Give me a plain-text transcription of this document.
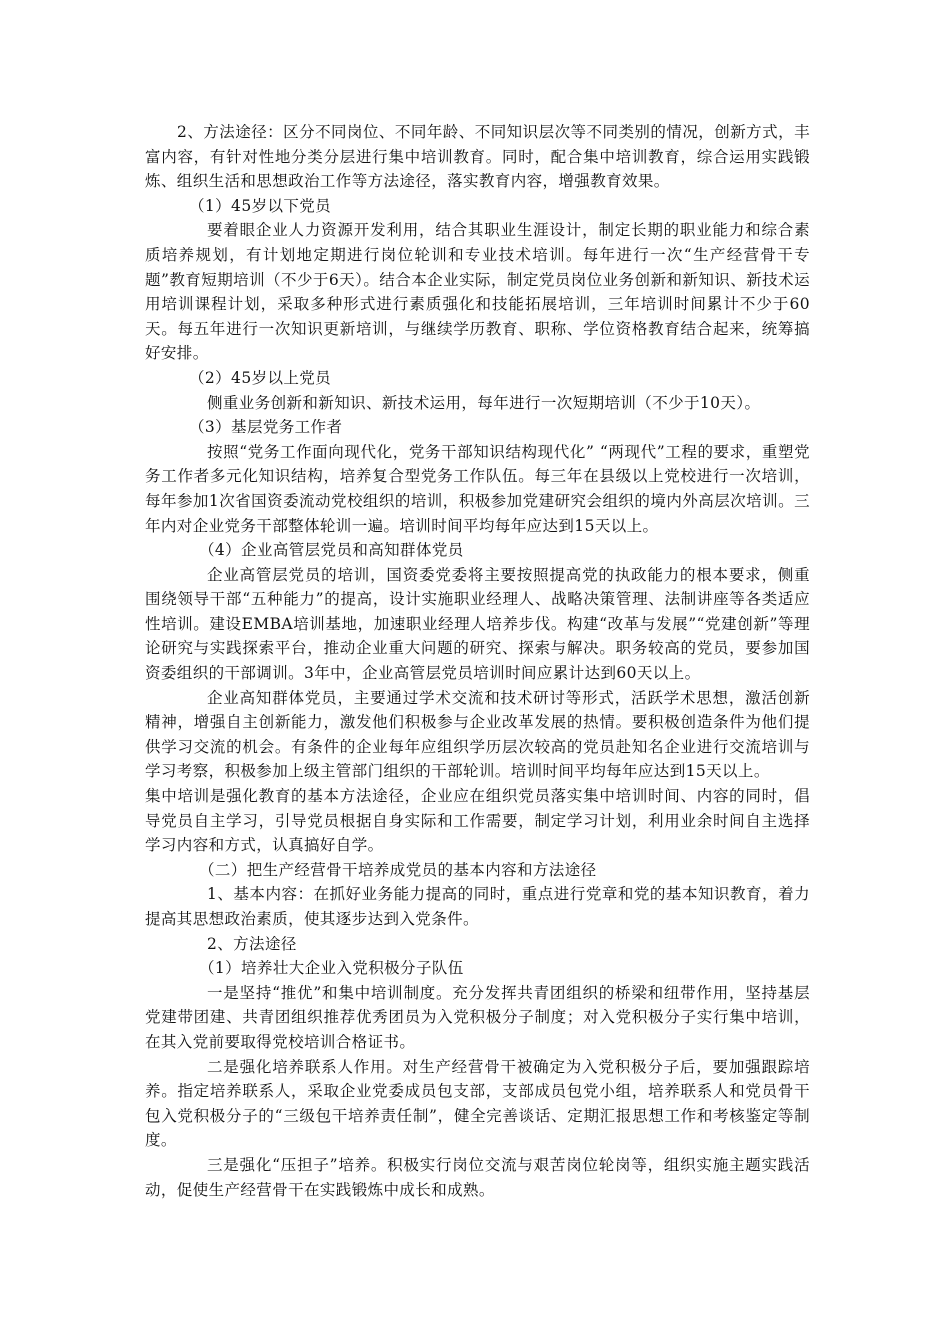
2、方法途径：区分不同岗位、不同年龄、不同知识层次等不同类别的情况，创新方式，丰富内容，有针对性地分类分层进行集中培训教育。同时，配合集中培训教育，综合运用实践锻炼、组织生活和思想政治工作等方法途径，落实教育内容，增强教育效果。

（1）45岁以下党员

要着眼企业人力资源开发利用，结合其职业生涯设计，制定长期的职业能力和综合素质培养规划，有计划地定期进行岗位轮训和专业技术培训。每年进行一次“生产经营骨干专题”教育短期培训（不少于6天）。结合本企业实际，制定党员岗位业务创新和新知识、新技术运用培训课程计划，采取多种形式进行素质强化和技能拓展培训，三年培训时间累计不少于60天。每五年进行一次知识更新培训，与继续学历教育、职称、学位资格教育结合起来，统筹搞好安排。

（2）45岁以上党员

侧重业务创新和新知识、新技术运用，每年进行一次短期培训（不少于10天）。

（3）基层党务工作者

按照“党务工作面向现代化，党务干部知识结构现代化” “两现代”工程的要求，重塑党务工作者多元化知识结构，培养复合型党务工作队伍。每三年在县级以上党校进行一次培训，每年参加1次省国资委流动党校组织的培训，积极参加党建研究会组织的境内外高层次培训。三年内对企业党务干部整体轮训一遍。培训时间平均每年应达到15天以上。

（4）企业高管层党员和高知群体党员

企业高管层党员的培训，国资委党委将主要按照提高党的执政能力的根本要求，侧重围绕领导干部“五种能力”的提高，设计实施职业经理人、战略决策管理、法制讲座等各类适应性培训。建设EMBA培训基地，加速职业经理人培养步伐。构建“改革与发展”“党建创新”等理论研究与实践探索平台，推动企业重大问题的研究、探索与解决。职务较高的党员，要参加国资委组织的干部调训。3年中，企业高管层党员培训时间应累计达到60天以上。

企业高知群体党员，主要通过学术交流和技术研讨等形式，活跃学术思想，激活创新精神，增强自主创新能力，激发他们积极参与企业改革发展的热情。要积极创造条件为他们提供学习交流的机会。有条件的企业每年应组织学历层次较高的党员赴知名企业进行交流培训与学习考察，积极参加上级主管部门组织的干部轮训。培训时间平均每年应达到15天以上。

集中培训是强化教育的基本方法途径，企业应在组织党员落实集中培训时间、内容的同时，倡导党员自主学习，引导党员根据自身实际和工作需要，制定学习计划，利用业余时间自主选择学习内容和方式，认真搞好自学。

（二）把生产经营骨干培养成党员的基本内容和方法途径

1、基本内容：在抓好业务能力提高的同时，重点进行党章和党的基本知识教育，着力提高其思想政治素质，使其逐步达到入党条件。

2、方法途径

（1）培养壮大企业入党积极分子队伍

一是坚持“推优”和集中培训制度。充分发挥共青团组织的桥梁和纽带作用，坚持基层党建带团建、共青团组织推荐优秀团员为入党积极分子制度；对入党积极分子实行集中培训，在其入党前要取得党校培训合格证书。

二是强化培养联系人作用。对生产经营骨干被确定为入党积极分子后，要加强跟踪培养。指定培养联系人，采取企业党委成员包支部，支部成员包党小组，培养联系人和党员骨干包入党积极分子的“三级包干培养责任制”，健全完善谈话、定期汇报思想工作和考核鉴定等制度。

三是强化“压担子”培养。积极实行岗位交流与艰苦岗位轮岗等，组织实施主题实践活动，促使生产经营骨干在实践锻炼中成长和成熟。
